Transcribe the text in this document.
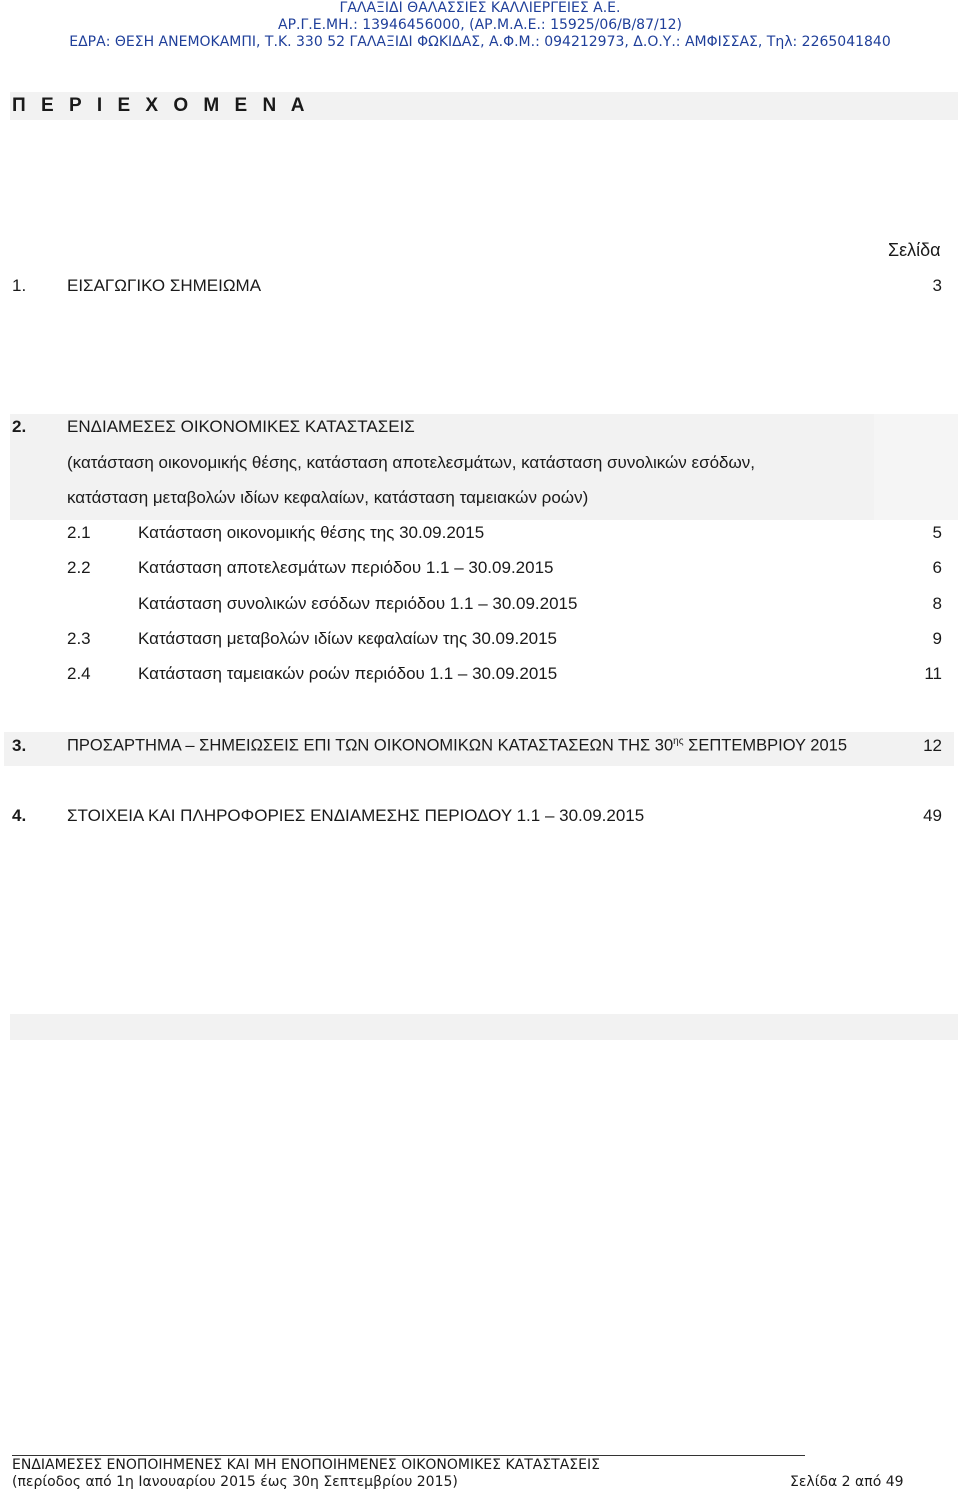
ΓΑΛΑΞΙΔΙ ΘΑΛΑΣΣΙΕΣ ΚΑΛΛΙΕΡΓΕΙΕΣ Α.Ε.
ΑΡ.Γ.Ε.ΜΗ.: 13946456000, (ΑΡ.Μ.Α.Ε.: 15925/06/Β/87/12)
ΕΔΡΑ: ΘΕΣΗ ΑΝΕΜΟΚΑΜΠΙ, Τ.Κ. 330 52 ΓΑΛΑΞΙΔΙ ΦΩΚΙΔΑΣ, Α.Φ.Μ.: 094212973, Δ.Ο.Υ.: ΑΜΦΙΣΣΑΣ, Τηλ: 2265041840
Π Ε Ρ Ι Ε Χ Ο Μ Ε Ν Α
Σελίδα
1. ΕΙΣΑΓΩΓΙΚΟ ΣΗΜΕΙΩΜΑ	3
2. ΕΝΔΙΑΜΕΣΕΣ ΟΙΚΟΝΟΜΙΚΕΣ ΚΑΤΑΣΤΑΣΕΙΣ
(κατάσταση οικονομικής θέσης, κατάσταση αποτελεσμάτων, κατάσταση συνολικών εσόδων,
κατάσταση μεταβολών ιδίων κεφαλαίων, κατάσταση ταμειακών ροών)
2.1	Κατάσταση οικονομικής θέσης της 30.09.2015	5
2.2	Κατάσταση αποτελεσμάτων περιόδου 1.1 – 30.09.2015	6
Κατάσταση συνολικών εσόδων περιόδου 1.1 – 30.09.2015	8
2.3	Κατάσταση μεταβολών ιδίων κεφαλαίων της 30.09.2015	9
2.4	Κατάσταση ταμειακών ροών περιόδου 1.1 – 30.09.2015	11
3. ΠΡΟΣΑΡΤΗΜΑ – ΣΗΜΕΙΩΣΕΙΣ ΕΠΙ ΤΩΝ ΟΙΚΟΝΟΜΙΚΩΝ ΚΑΤΑΣΤΑΣΕΩΝ ΤΗΣ $30^{\eta\varsigma}$ ΣΕΠΤΕΜΒΡΙΟΥ 2015	12
4. ΣΤΟΙΧΕΙΑ ΚΑΙ ΠΛΗΡΟΦΟΡΙΕΣ ΕΝΔΙΑΜΕΣΗΣ ΠΕΡΙΟΔΟΥ 1.1 – 30.09.2015	49
ΕΝΔΙΑΜΕΣΕΣ ΕΝΟΠΟΙΗΜΕΝΕΣ ΚΑΙ ΜΗ ΕΝΟΠΟΙΗΜΕΝΕΣ ΟΙΚΟΝΟΜΙΚΕΣ ΚΑΤΑΣΤΑΣΕΙΣ
(περίοδος από 1η Ιανουαρίου 2015 έως 30η Σεπτεμβρίου 2015)	Σελίδα 2 από 49
